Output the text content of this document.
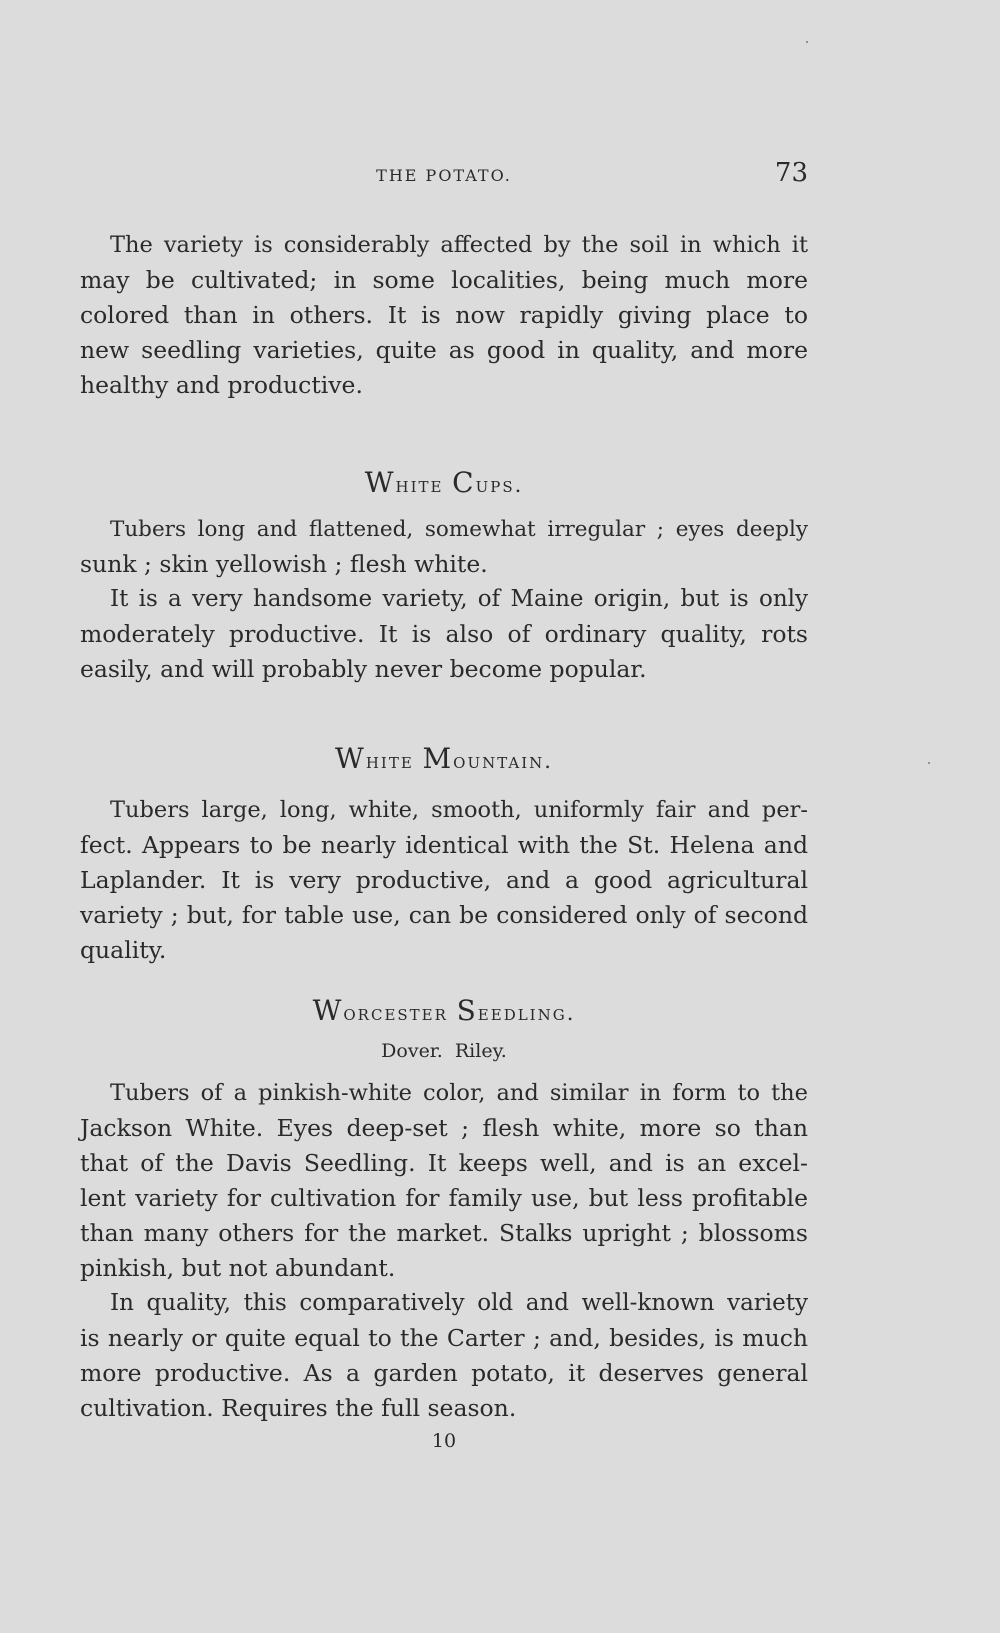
THE POTATO.	73
The variety is considerably affected by the soil in which it
may be cultivated; in some localities, being much more
colored than in others. It is now rapidly giving place to
new seedling varieties, quite as good in quality, and more
healthy and productive.
White Cups.
Tubers long and flattened, somewhat irregular ; eyes deeply
sunk ; skin yellowish ; flesh white.
It is a very handsome variety, of Maine origin, but is only
moderately productive. It is also of ordinary quality, rots
easily, and will probably never become popular.
White Mountain.
Tubers large, long, white, smooth, uniformly fair and per-
fect. Appears to be nearly identical with the St. Helena and
Laplander. It is very productive, and a good agricultural
variety ; but, for table use, can be considered only of second
quality.
Worcester Seedling.
Dover. Riley.
Tubers of a pinkish-white color, and similar in form to the
Jackson White. Eyes deep-set ; flesh white, more so than
that of the Davis Seedling. It keeps well, and is an excel-
lent variety for cultivation for family use, but less profitable
than many others for the market. Stalks upright ; blossoms
pinkish, but not abundant.
In quality, this comparatively old and well-known variety
is nearly or quite equal to the Carter ; and, besides, is much
more productive. As a garden potato, it deserves general
cultivation. Requires the full season.
10
